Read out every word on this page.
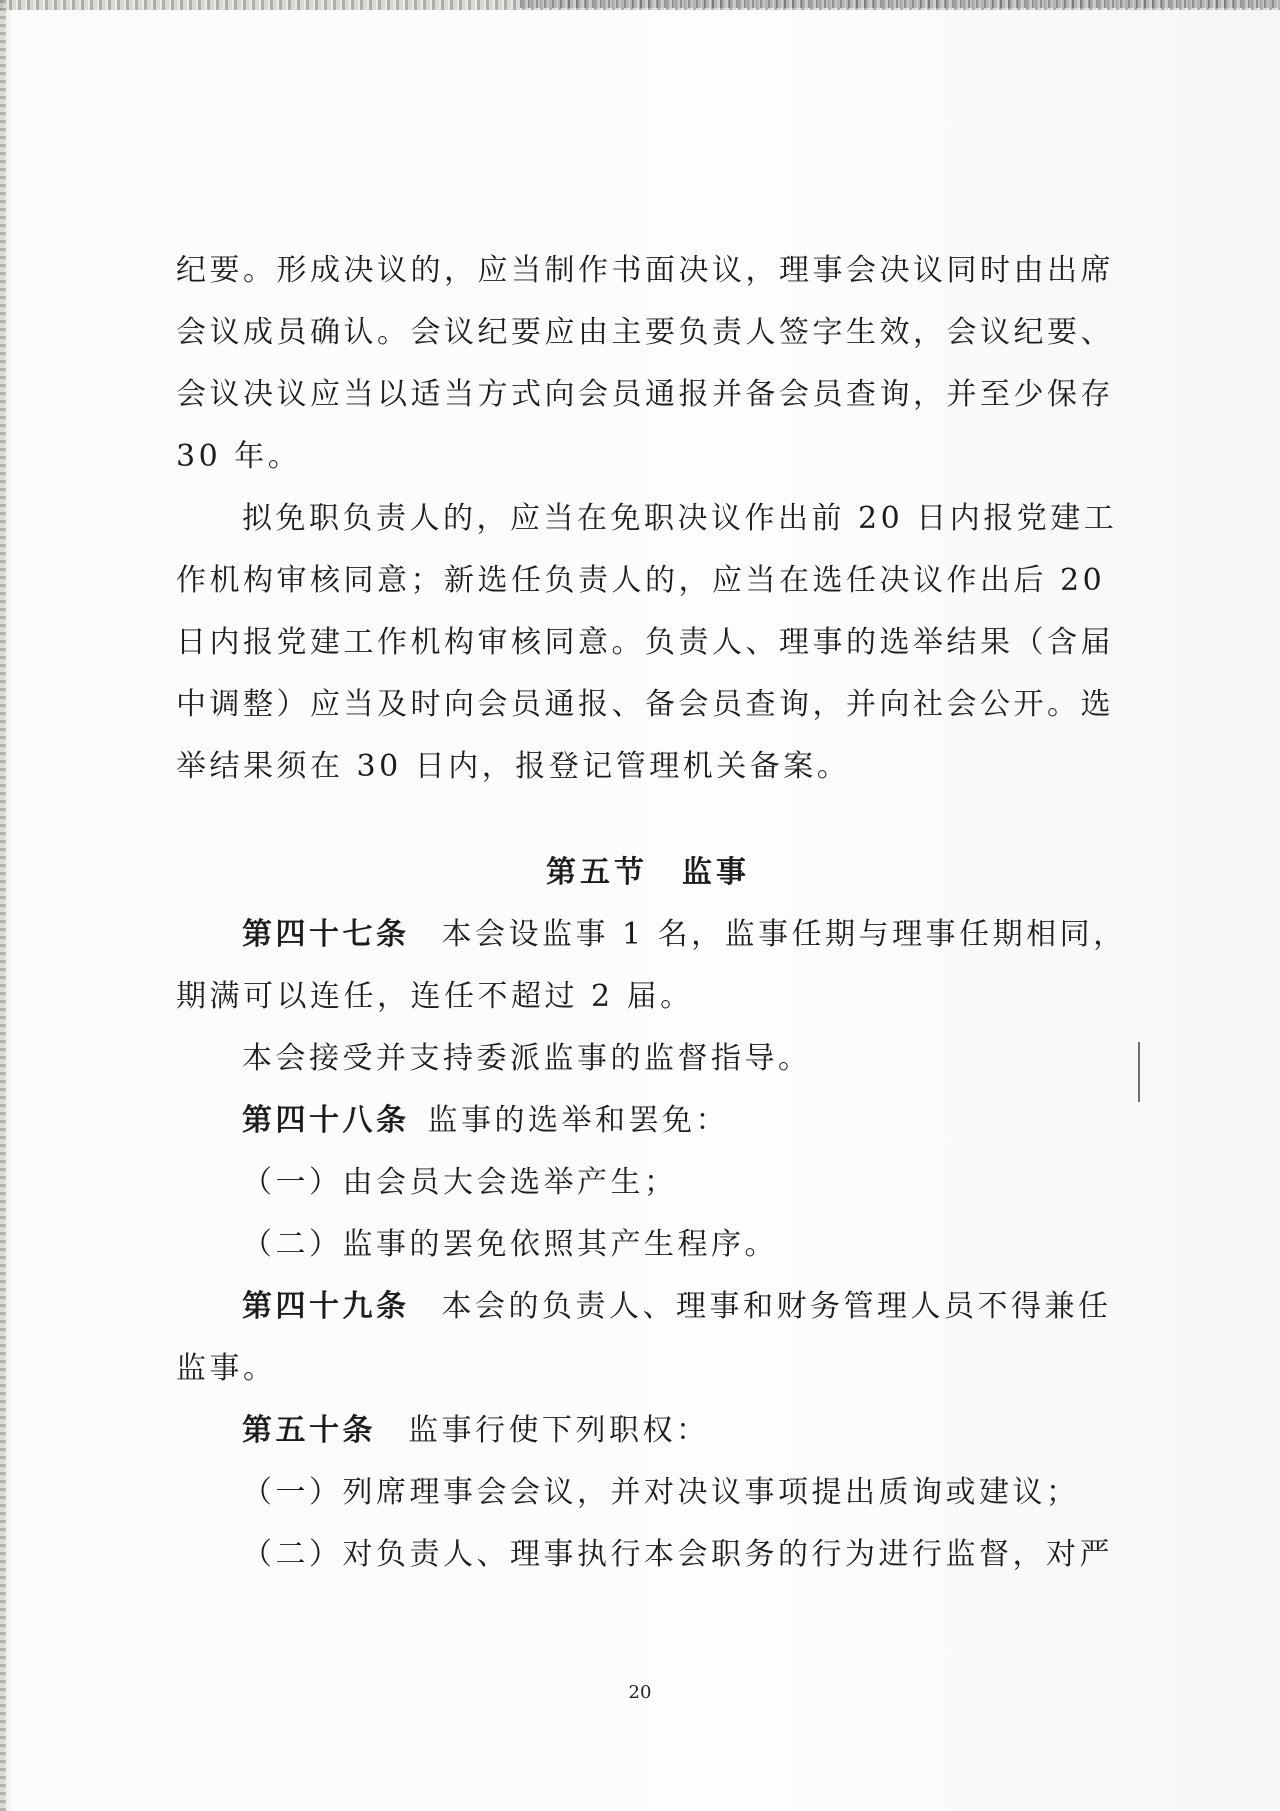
纪要。形成决议的，应当制作书面决议，理事会决议同时由出席
会议成员确认。会议纪要应由主要负责人签字生效，会议纪要、
会议决议应当以适当方式向会员通报并备会员查询，并至少保存
30 年。
拟免职负责人的，应当在免职决议作出前 20 日内报党建工
作机构审核同意；新选任负责人的，应当在选任决议作出后 20
日内报党建工作机构审核同意。负责人、理事的选举结果（含届
中调整）应当及时向会员通报、备会员查询，并向社会公开。选
举结果须在 30 日内，报登记管理机关备案。
第五节　监事
第四十七条 本会设监事 1 名，监事任期与理事任期相同，
期满可以连任，连任不超过 2 届。
本会接受并支持委派监事的监督指导。
第四十八条 监事的选举和罢免：
（一）由会员大会选举产生；
（二）监事的罢免依照其产生程序。
第四十九条 本会的负责人、理事和财务管理人员不得兼任
监事。
第五十条 监事行使下列职权：
（一）列席理事会会议，并对决议事项提出质询或建议；
（二）对负责人、理事执行本会职务的行为进行监督，对严
20
